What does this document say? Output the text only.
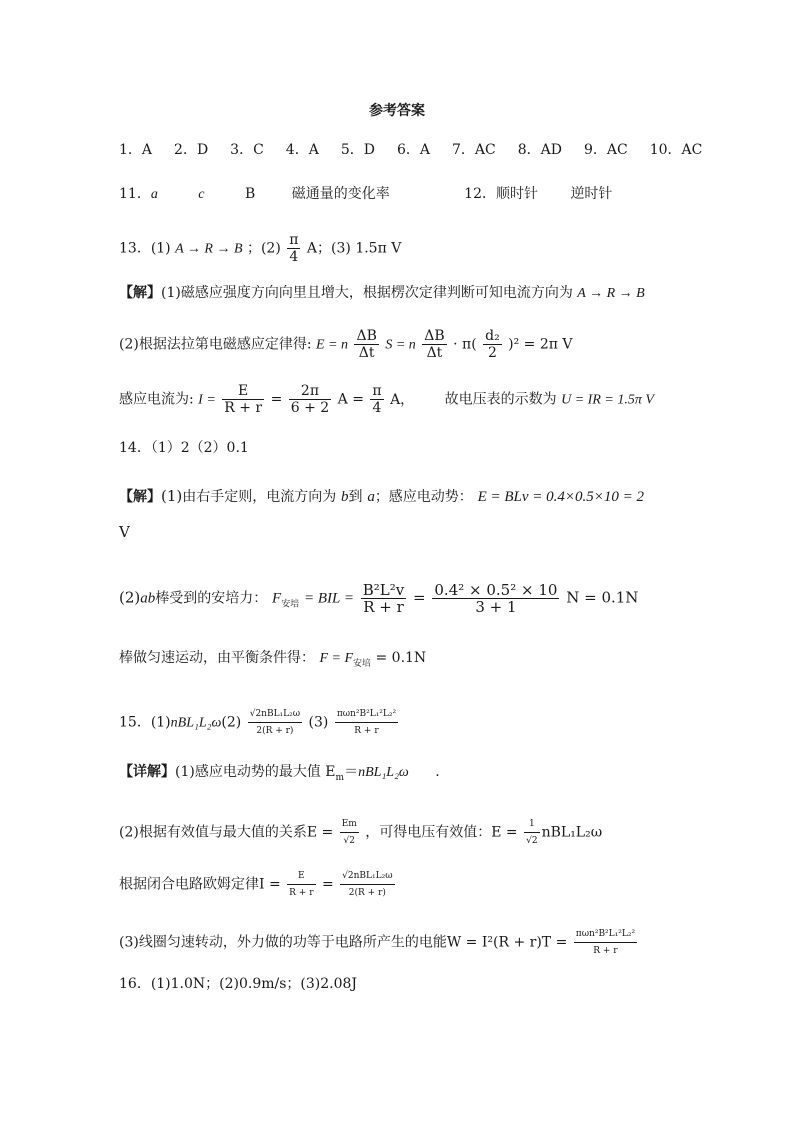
参考答案
1．A 2．D 3．C 4．A 5．D 6．A 7．AC 8．AD 9．AC 10．AC
11．a	c	B	磁通量的变化率	12．顺时针 逆时针
13．(1) A → R → B ；$(2) \frac{\pi}{4}$ A；(3) 1.5π V
【解】(1)磁感应强度方向向里且增大，根据楞次定律判断可知电流方向为 A → R → B
(2)根据法拉第电磁感应定律得: E = n $\frac{\Delta B}{\Delta t}$ S = n $\frac{\Delta B}{\Delta t} \cdot \pi( \frac{\text{d₂}}{2} )^2 = 2\pi$ V
感应电流为: $I = \frac{E}{R + r} = \frac{2\pi}{6 + 2}$ $A = \frac{\pi}{4}$ A， 故电压表的示数为 U = IR = 1.5π V
14．（1）2（2）0.1
【解】(1)由右手定则，电流方向为 b到 a；感应电动势： E = BLv = 0.4×0.5×10 = 2
V
(2)ab棒受到的安培力： $F_{安培}$ = BIL = $\frac{\text{B²L²v}}{R + r} = \frac{\text{0.4² × 0.5² × 10}}{3 + 1}$ N = 0.1N
棒做匀速运动，由平衡条件得： $F = F_{安培} = 0.1N$
15．$(1)nBL_1L_2\omega(2) \frac{\text{√2nBL₁L₂ω}}{2(R + r)} (3) \frac{\text{πωn²B²L₁²L₂²}}{R + r}$
【详解】(1)感应电动势的最大值 $E_m=nBL_1L_2\omega$ .
(2)根据有效值与最大值的关系$E = \frac{Em}{√2}$ ，可得电压有效值：$E = \frac{1}{√2} nBL_1L_2\omega$
根据闭合电路欧姆定律$I = \frac{E}{R + r} = \frac{\text{√2nBL₁L₂ω}}{2(R + r)}$
(3)线圈匀速转动，外力做的功等于电路所产生的电能$W = I^2(R + r)T = \frac{\text{πωn²B²L₁²L₂²}}{R + r}$
16．(1)1.0N；(2)0.9m/s；(3)2.08J
